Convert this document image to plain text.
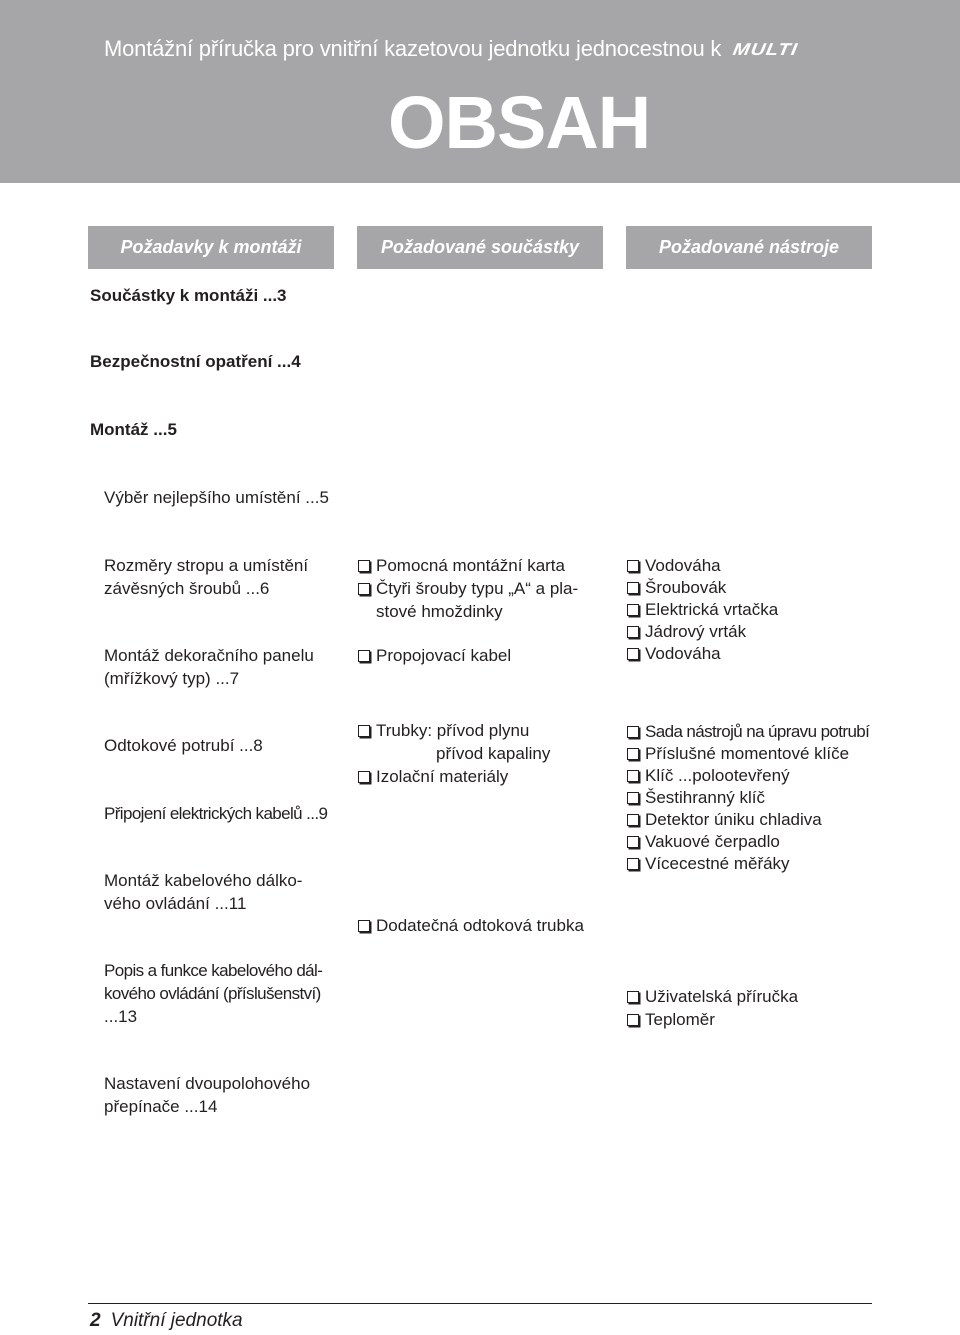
Montážní příručka pro vnitřní kazetovou jednotku jednocestnou k MULTI
OBSAH
Požadavky k montáži	Požadované součástky	Požadované nástroje
Součástky k montáži ...3
Bezpečnostní opatření ...4
Montáž ...5
Výběr nejlepšího umístění ...5
Rozměry stropu a umístění
závěsných šroubů ...6
Montáž dekoračního panelu
(mřížkový typ) ...7
Odtokové potrubí ...8
Připojení elektrických kabelů ...9
Montáž kabelového dálko-
vého ovládání ...11
Popis a funkce kabelového dál-
kového ovládání (příslušenství)
...13
Nastavení dvoupolohového
přepínače ...14
Pomocná montážní karta
Čtyři šrouby typu „A“ a pla-
stové hmoždinky
Propojovací kabel
Trubky: přívod plynu
přívod kapaliny
Izolační materiály
Dodatečná odtoková trubka
Vodováha
Šroubovák
Elektrická vrtačka
Jádrový vrták
Vodováha
Sada nástrojů na úpravu potrubí
Příslušné momentové klíče
Klíč ...polootevřený
Šestihranný klíč
Detektor úniku chladiva
Vakuové čerpadlo
Vícecestné měřáky
Uživatelská příručka
Teploměr
2 Vnitřní jednotka
